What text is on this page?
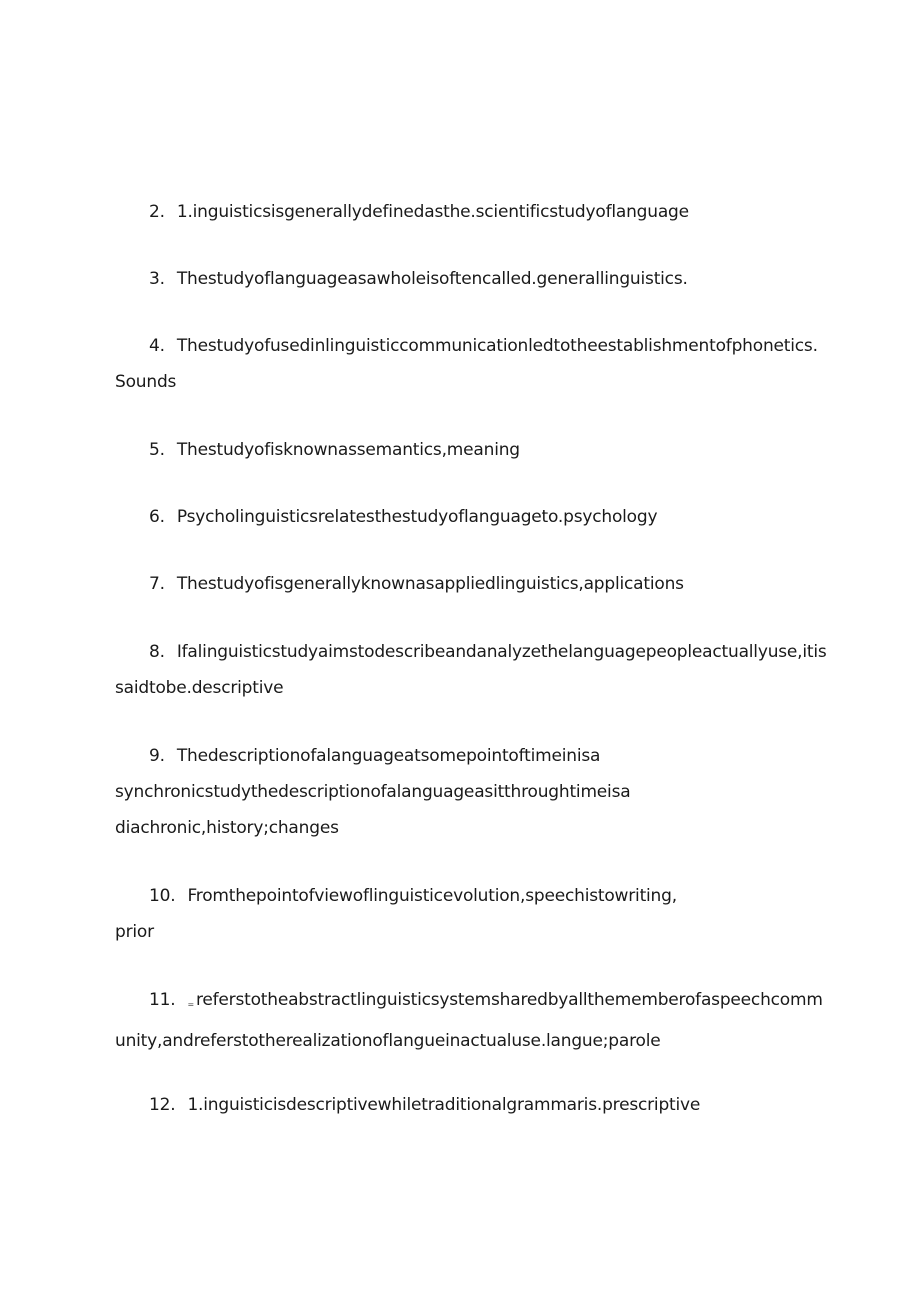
2. 1.inguisticsisgenerallydefinedasthe.scientificstudyoflanguage
3. Thestudyoflanguageasawholeisoftencalled.generallinguistics.
4. Thestudyofusedinlinguisticcommunicationledtotheestablishmentofphonetics.
Sounds
5. Thestudyofisknownassemantics,meaning
6. Psycholinguisticsrelatesthestudyoflanguageto.psychology
7. Thestudyofisgenerallyknownasappliedlinguistics,applications
8. Ifalinguisticstudyaimstodescribeandanalyzethelanguagepeopleactuallyuse,itis
saidtobe.descriptive
9. Thedescriptionofalanguageatsomepointoftimeinisa
synchronicstudythedescriptionofalanguageasitthroughtimeisa
diachronic,history;changes
10. Fromthepointofviewoflinguisticevolution,speechistowriting,
prior
11. = referstotheabstractlinguisticsystemsharedbyallthememberofaspeechcomm
unity,andreferstotherealizationoflangueinactualuse.langue;parole
12. 1.inguisticisdescriptivewhiletraditionalgrammaris.prescriptive
